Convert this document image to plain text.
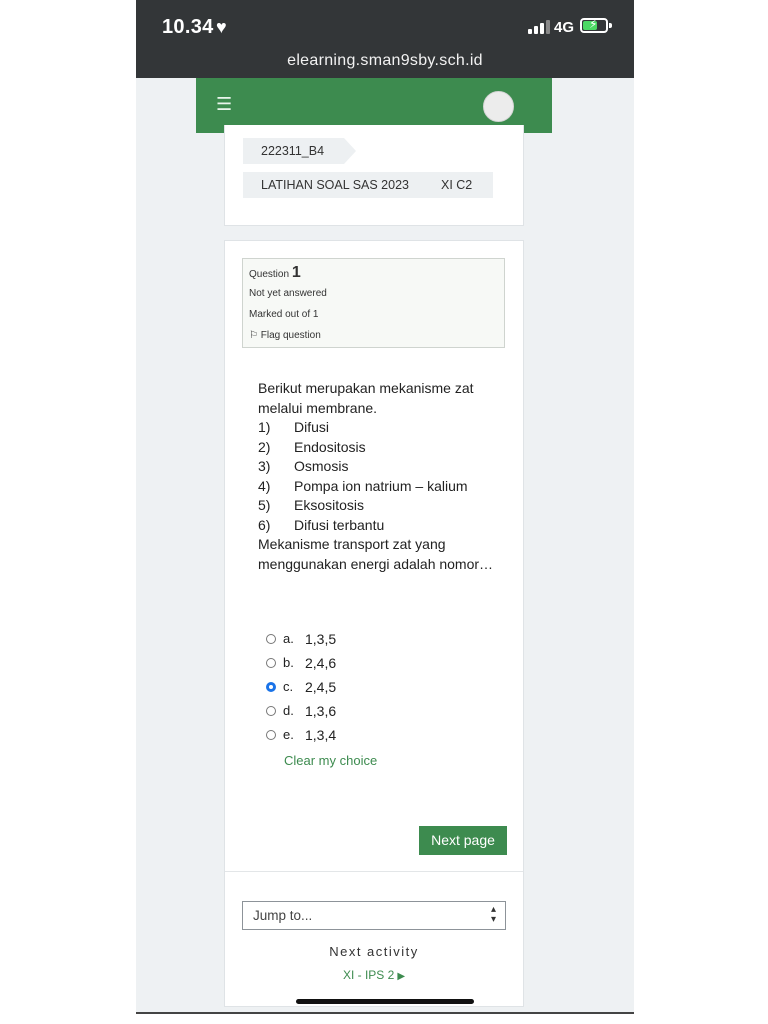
10.34 ♥	4G ⚡
elearning.sman9sby.sch.id
☰
222311_B4
LATIHAN SOAL SAS 2023	XI C2
Question 1
Not yet answered
Marked out of 1
⚐ Flag question

Berikut merupakan mekanisme zat melalui membrane.

1) Difusi

2) Endositosis

3) Osmosis

4) Pompa ion natrium – kalium

5) Eksositosis

6) Difusi terbantu

Mekanisme transport zat yang menggunakan energi adalah nomor…

a. 1,3,5
b. 2,4,6
c. 2,4,5
d. 1,3,6
e. 1,3,4
Clear my choice
Next page
Jump to...	▴
▾
Next activity
XI - IPS 2 ▶
